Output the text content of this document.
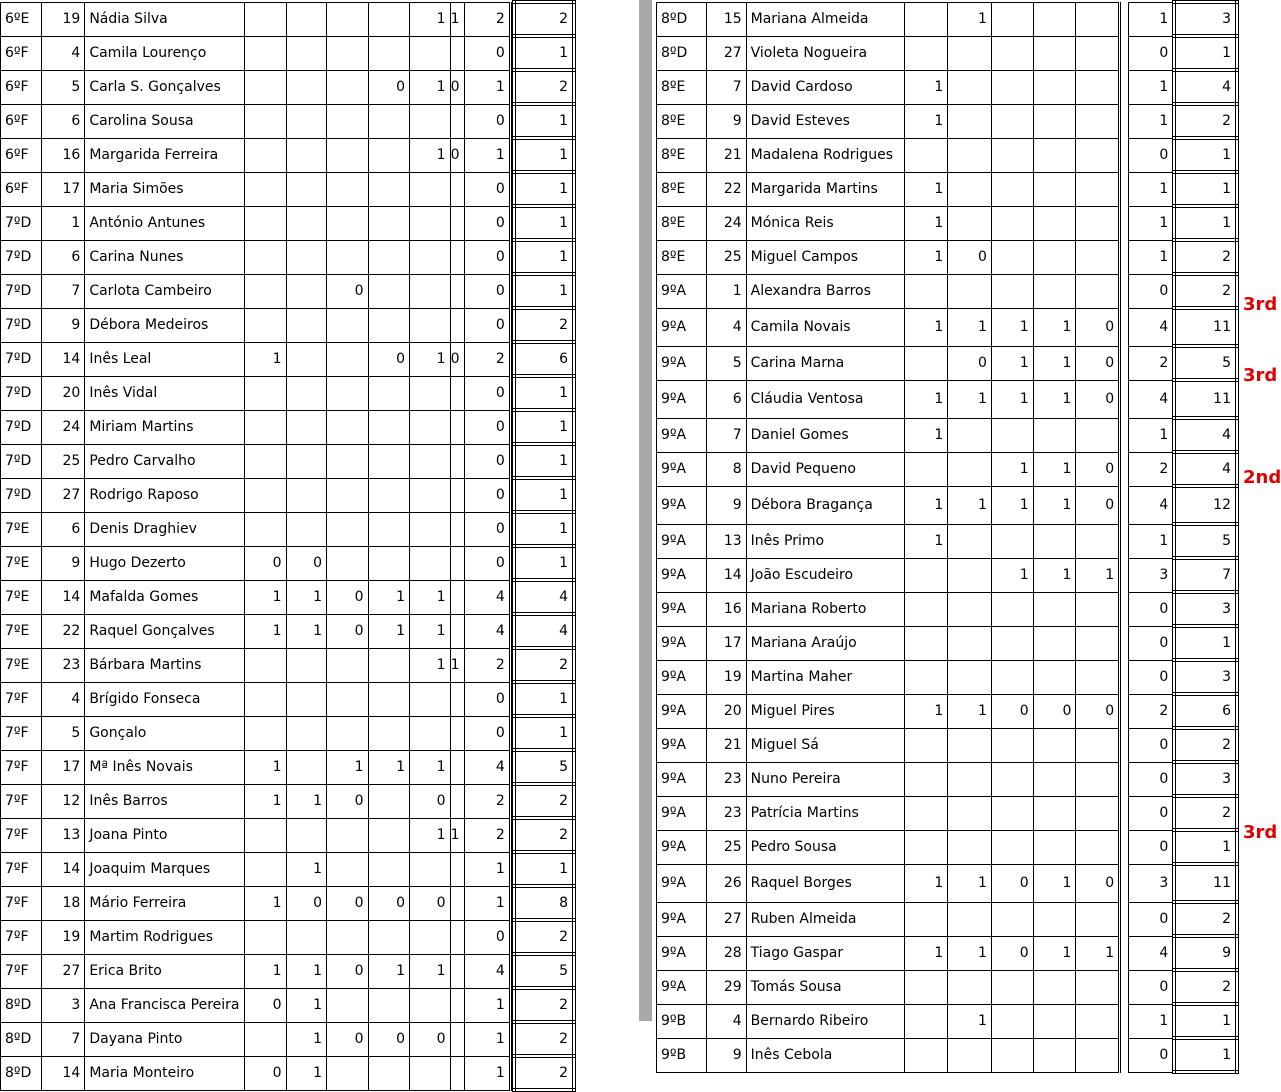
6ºE	19	Nádia Silva					1	1	2		2
6ºF	4	Camila Lourenço							0		1
6ºF	5	Carla S. Gonçalves				0	1	0	1		2
6ºF	6	Carolina Sousa							0		1
6ºF	16	Margarida Ferreira					1	0	1		1
6ºF	17	Maria Simões							0		1
7ºD	1	António Antunes							0		1
7ºD	6	Carina Nunes							0		1
7ºD	7	Carlota Cambeiro			0				0		1
7ºD	9	Débora Medeiros							0		2
7ºD	14	Inês Leal	1			0	1	0	2		6
7ºD	20	Inês Vidal							0		1
7ºD	24	Miriam Martins							0		1
7ºD	25	Pedro Carvalho							0		1
7ºD	27	Rodrigo Raposo							0		1
7ºE	6	Denis Draghiev							0		1
7ºE	9	Hugo Dezerto	0	0					0		1
7ºE	14	Mafalda Gomes	1	1	0	1	1		4		4
7ºE	22	Raquel Gonçalves	1	1	0	1	1		4		4
7ºE	23	Bárbara Martins					1	1	2		2
7ºF	4	Brígido Fonseca							0		1
7ºF	5	Gonçalo							0		1
7ºF	17	Mª Inês Novais	1		1	1	1		4		5
7ºF	12	Inês Barros	1	1	0		0		2		2
7ºF	13	Joana Pinto					1	1	2		2
7ºF	14	Joaquim Marques		1					1		1
7ºF	18	Mário Ferreira	1	0	0	0	0		1		8
7ºF	19	Martim Rodrigues							0		2
7ºF	27	Erica Brito	1	1	0	1	1		4		5
8ºD	3	Ana Francisca Pereira	0	1					1		2
8ºD	7	Dayana Pinto		1	0	0	0		1		2
8ºD	14	Maria Monteiro	0	1					1		2
8ºD	15	Mariana Almeida		1					1	3
8ºD	27	Violeta Nogueira							0	1
8ºE	7	David Cardoso	1						1	4
8ºE	9	David Esteves	1						1	2
8ºE	21	Madalena Rodrigues							0	1
8ºE	22	Margarida Martins	1						1	1
8ºE	24	Mónica Reis	1						1	1
8ºE	25	Miguel Campos	1	0					1	2
9ºA	1	Alexandra Barros							0	2
9ºA	4	Camila Novais	1	1	1	1	0		4	11
9ºA	5	Carina Marna		0	1	1	0		2	5
9ºA	6	Cláudia Ventosa	1	1	1	1	0		4	11
9ºA	7	Daniel Gomes	1						1	4
9ºA	8	David Pequeno			1	1	0		2	4
9ºA	9	Débora Bragança	1	1	1	1	0		4	12
9ºA	13	Inês Primo	1						1	5
9ºA	14	João Escudeiro			1	1	1		3	7
9ºA	16	Mariana Roberto							0	3
9ºA	17	Mariana Araújo							0	1
9ºA	19	Martina Maher							0	3
9ºA	20	Miguel Pires	1	1	0	0	0		2	6
9ºA	21	Miguel Sá							0	2
9ºA	23	Nuno Pereira							0	3
9ºA	23	Patrícia Martins							0	2
9ºA	25	Pedro Sousa							0	1
9ºA	26	Raquel Borges	1	1	0	1	0		3	11
9ºA	27	Ruben Almeida							0	2
9ºA	28	Tiago Gaspar	1	1	0	1	1		4	9
9ºA	29	Tomás Sousa							0	2
9ºB	4	Bernardo Ribeiro		1					1	1
9ºB	9	Inês Cebola							0	1
3rd
3rd
2nd
3rd
